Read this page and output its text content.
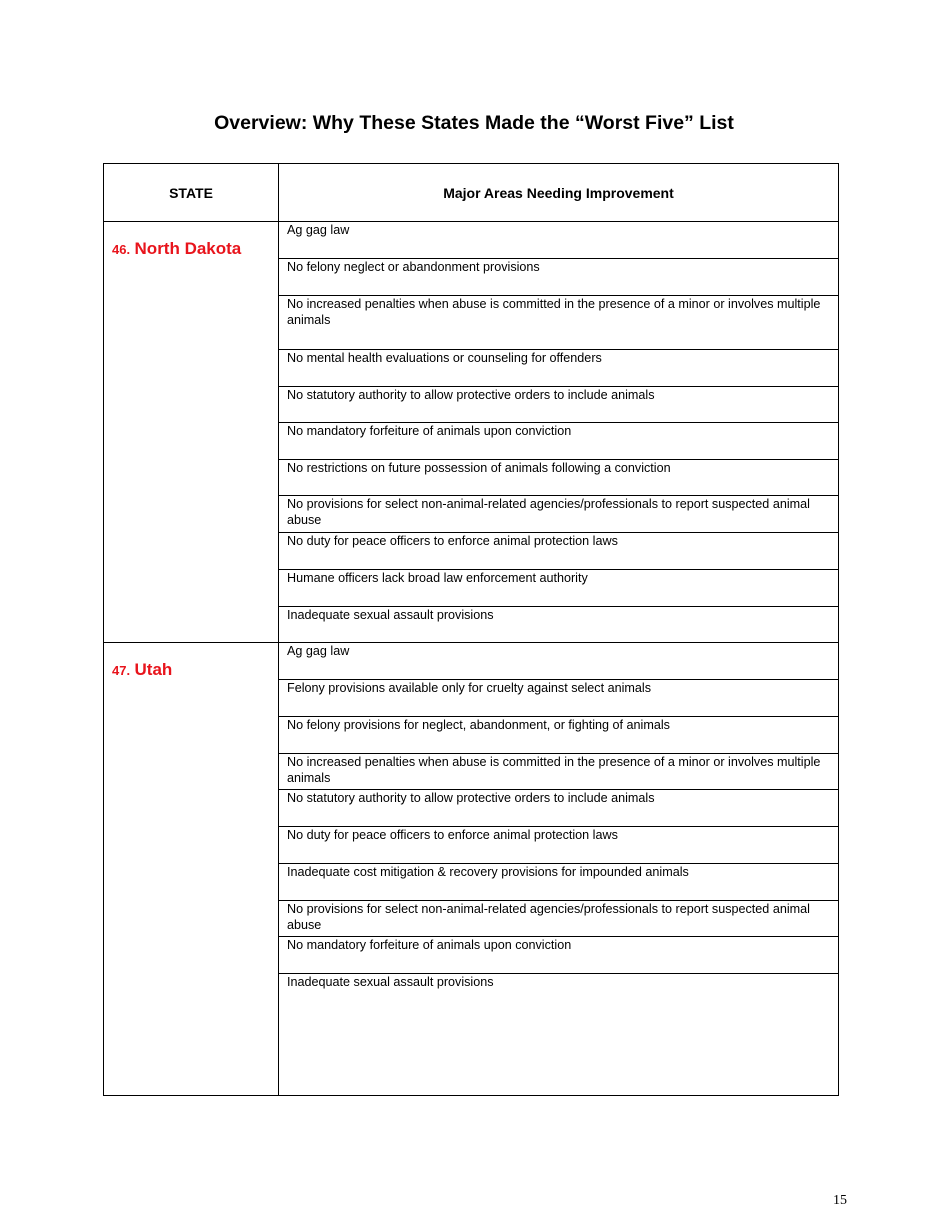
Overview: Why These States Made the “Worst Five” List
STATE	Major Areas Needing Improvement

46. North Dakota	Ag gag law

	No felony neglect or abandonment provisions

	No increased penalties when abuse is committed in the presence of a minor or involves multiple animals

	No mental health evaluations or counseling for offenders

	No statutory authority to allow protective orders to include animals

	No mandatory forfeiture of animals upon conviction

	No restrictions on future possession of animals following a conviction

	No provisions for select non-animal-related agencies/professionals to report suspected animal abuse

	No duty for peace officers to enforce animal protection laws

	Humane officers lack broad law enforcement authority

	Inadequate sexual assault provisions

47. Utah	Ag gag law

	Felony provisions available only for cruelty against select animals

	No felony provisions for neglect, abandonment, or fighting of animals

	No increased penalties when abuse is committed in the presence of a minor or involves multiple animals

	No statutory authority to allow protective orders to include animals

	No duty for peace officers to enforce animal protection laws

	Inadequate cost mitigation & recovery provisions for impounded animals

	No provisions for select non-animal-related agencies/professionals to report suspected animal abuse

	No mandatory forfeiture of animals upon conviction

	Inadequate sexual assault provisions
15
